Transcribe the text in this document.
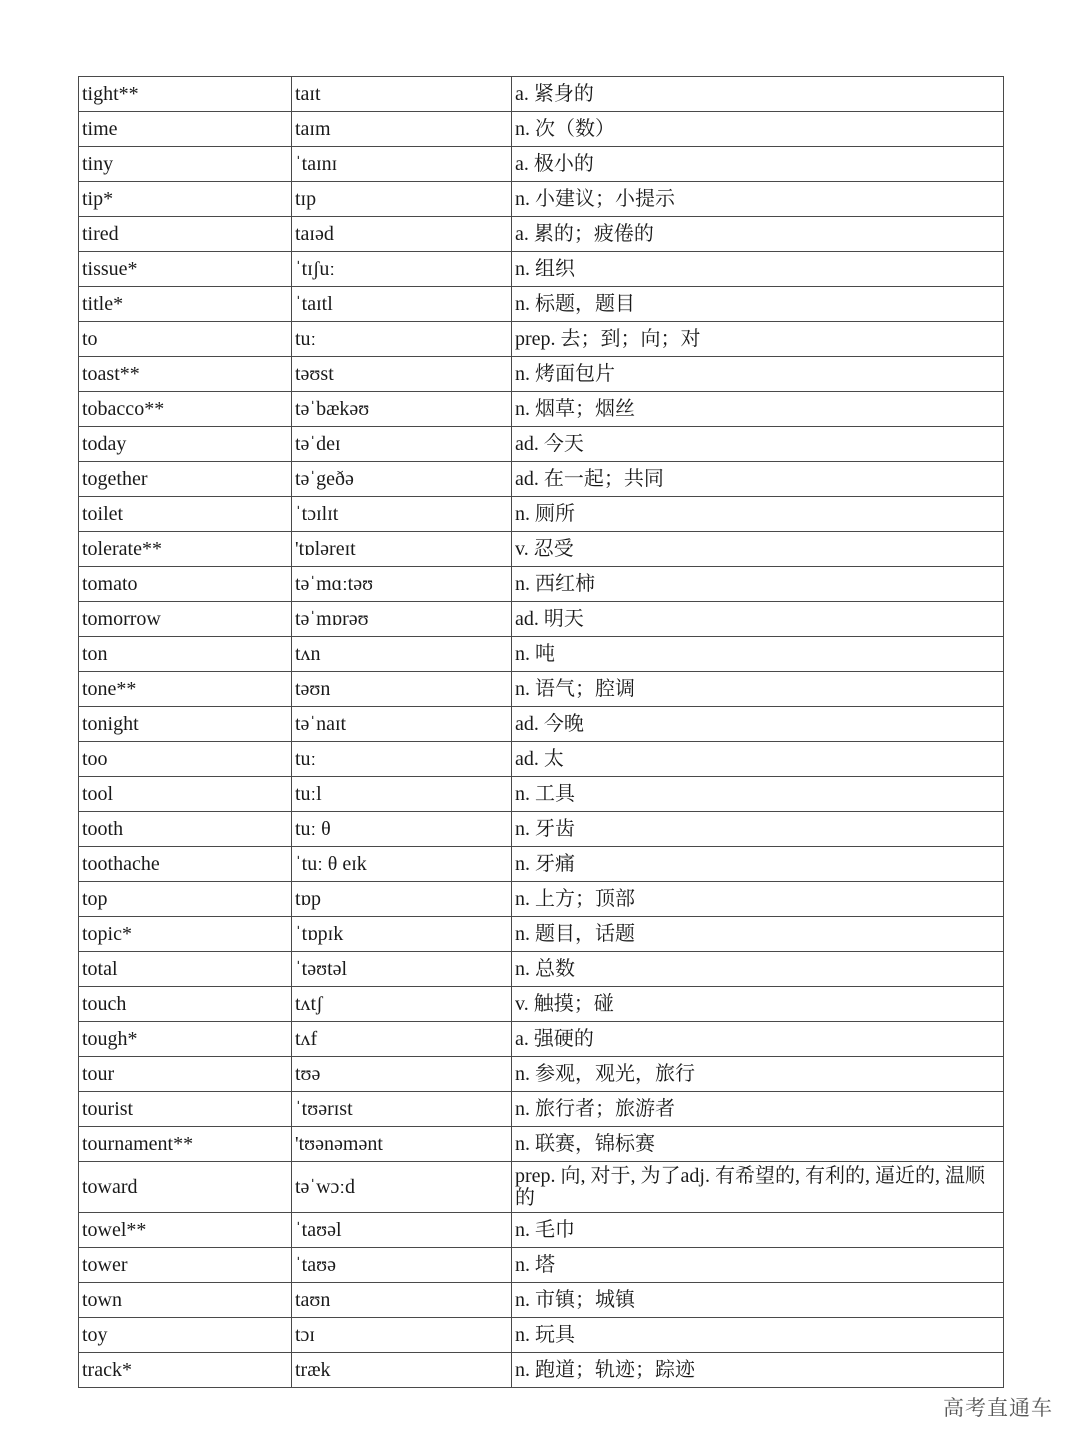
tight**	taɪt	a. 紧身的
time	taɪm	n. 次（数）
tiny	ˈtaɪnɪ	a. 极小的
tip*	tɪp	n. 小建议；小提示
tired	taɪəd	a. 累的；疲倦的
tissue*	ˈtɪʃuː	n. 组织
title*	ˈtaɪtl	n. 标题，题目
to	tuː	prep. 去；到；向；对
toast**	təʊst	n. 烤面包片
tobacco**	təˈbækəʊ	n. 烟草；烟丝
today	təˈdeɪ	ad. 今天
together	təˈgeðə	ad. 在一起；共同
toilet	ˈtɔɪlɪt	n. 厕所
tolerate**	'tɒləreɪt	v. 忍受
tomato	təˈmɑːtəʊ	n. 西红柿
tomorrow	təˈmɒrəʊ	ad. 明天
ton	tʌn	n. 吨
tone**	təʊn	n. 语气；腔调
tonight	təˈnaɪt	ad. 今晚
too	tuː	ad. 太
tool	tuːl	n. 工具
tooth	tuː θ	n. 牙齿
toothache	ˈtuː θ eɪk	n. 牙痛
top	tɒp	n. 上方；顶部
topic*	ˈtɒpɪk	n. 题目，话题
total	ˈtəʊtəl	n. 总数
touch	tʌtʃ	v. 触摸；碰
tough*	tʌf	a. 强硬的
tour	tʊə	n. 参观，观光，旅行
tourist	ˈtʊərɪst	n. 旅行者；旅游者
tournament**	'tʊənəmənt	n. 联赛，锦标赛
toward	təˈwɔːd	prep. 向, 对于, 为了adj. 有希望的, 有利的, 逼近的, 温顺的
towel**	ˈtaʊəl	n. 毛巾
tower	ˈtaʊə	n. 塔
town	taʊn	n. 市镇；城镇
toy	tɔɪ	n. 玩具
track*	træk	n. 跑道；轨迹；踪迹
高考直通车
